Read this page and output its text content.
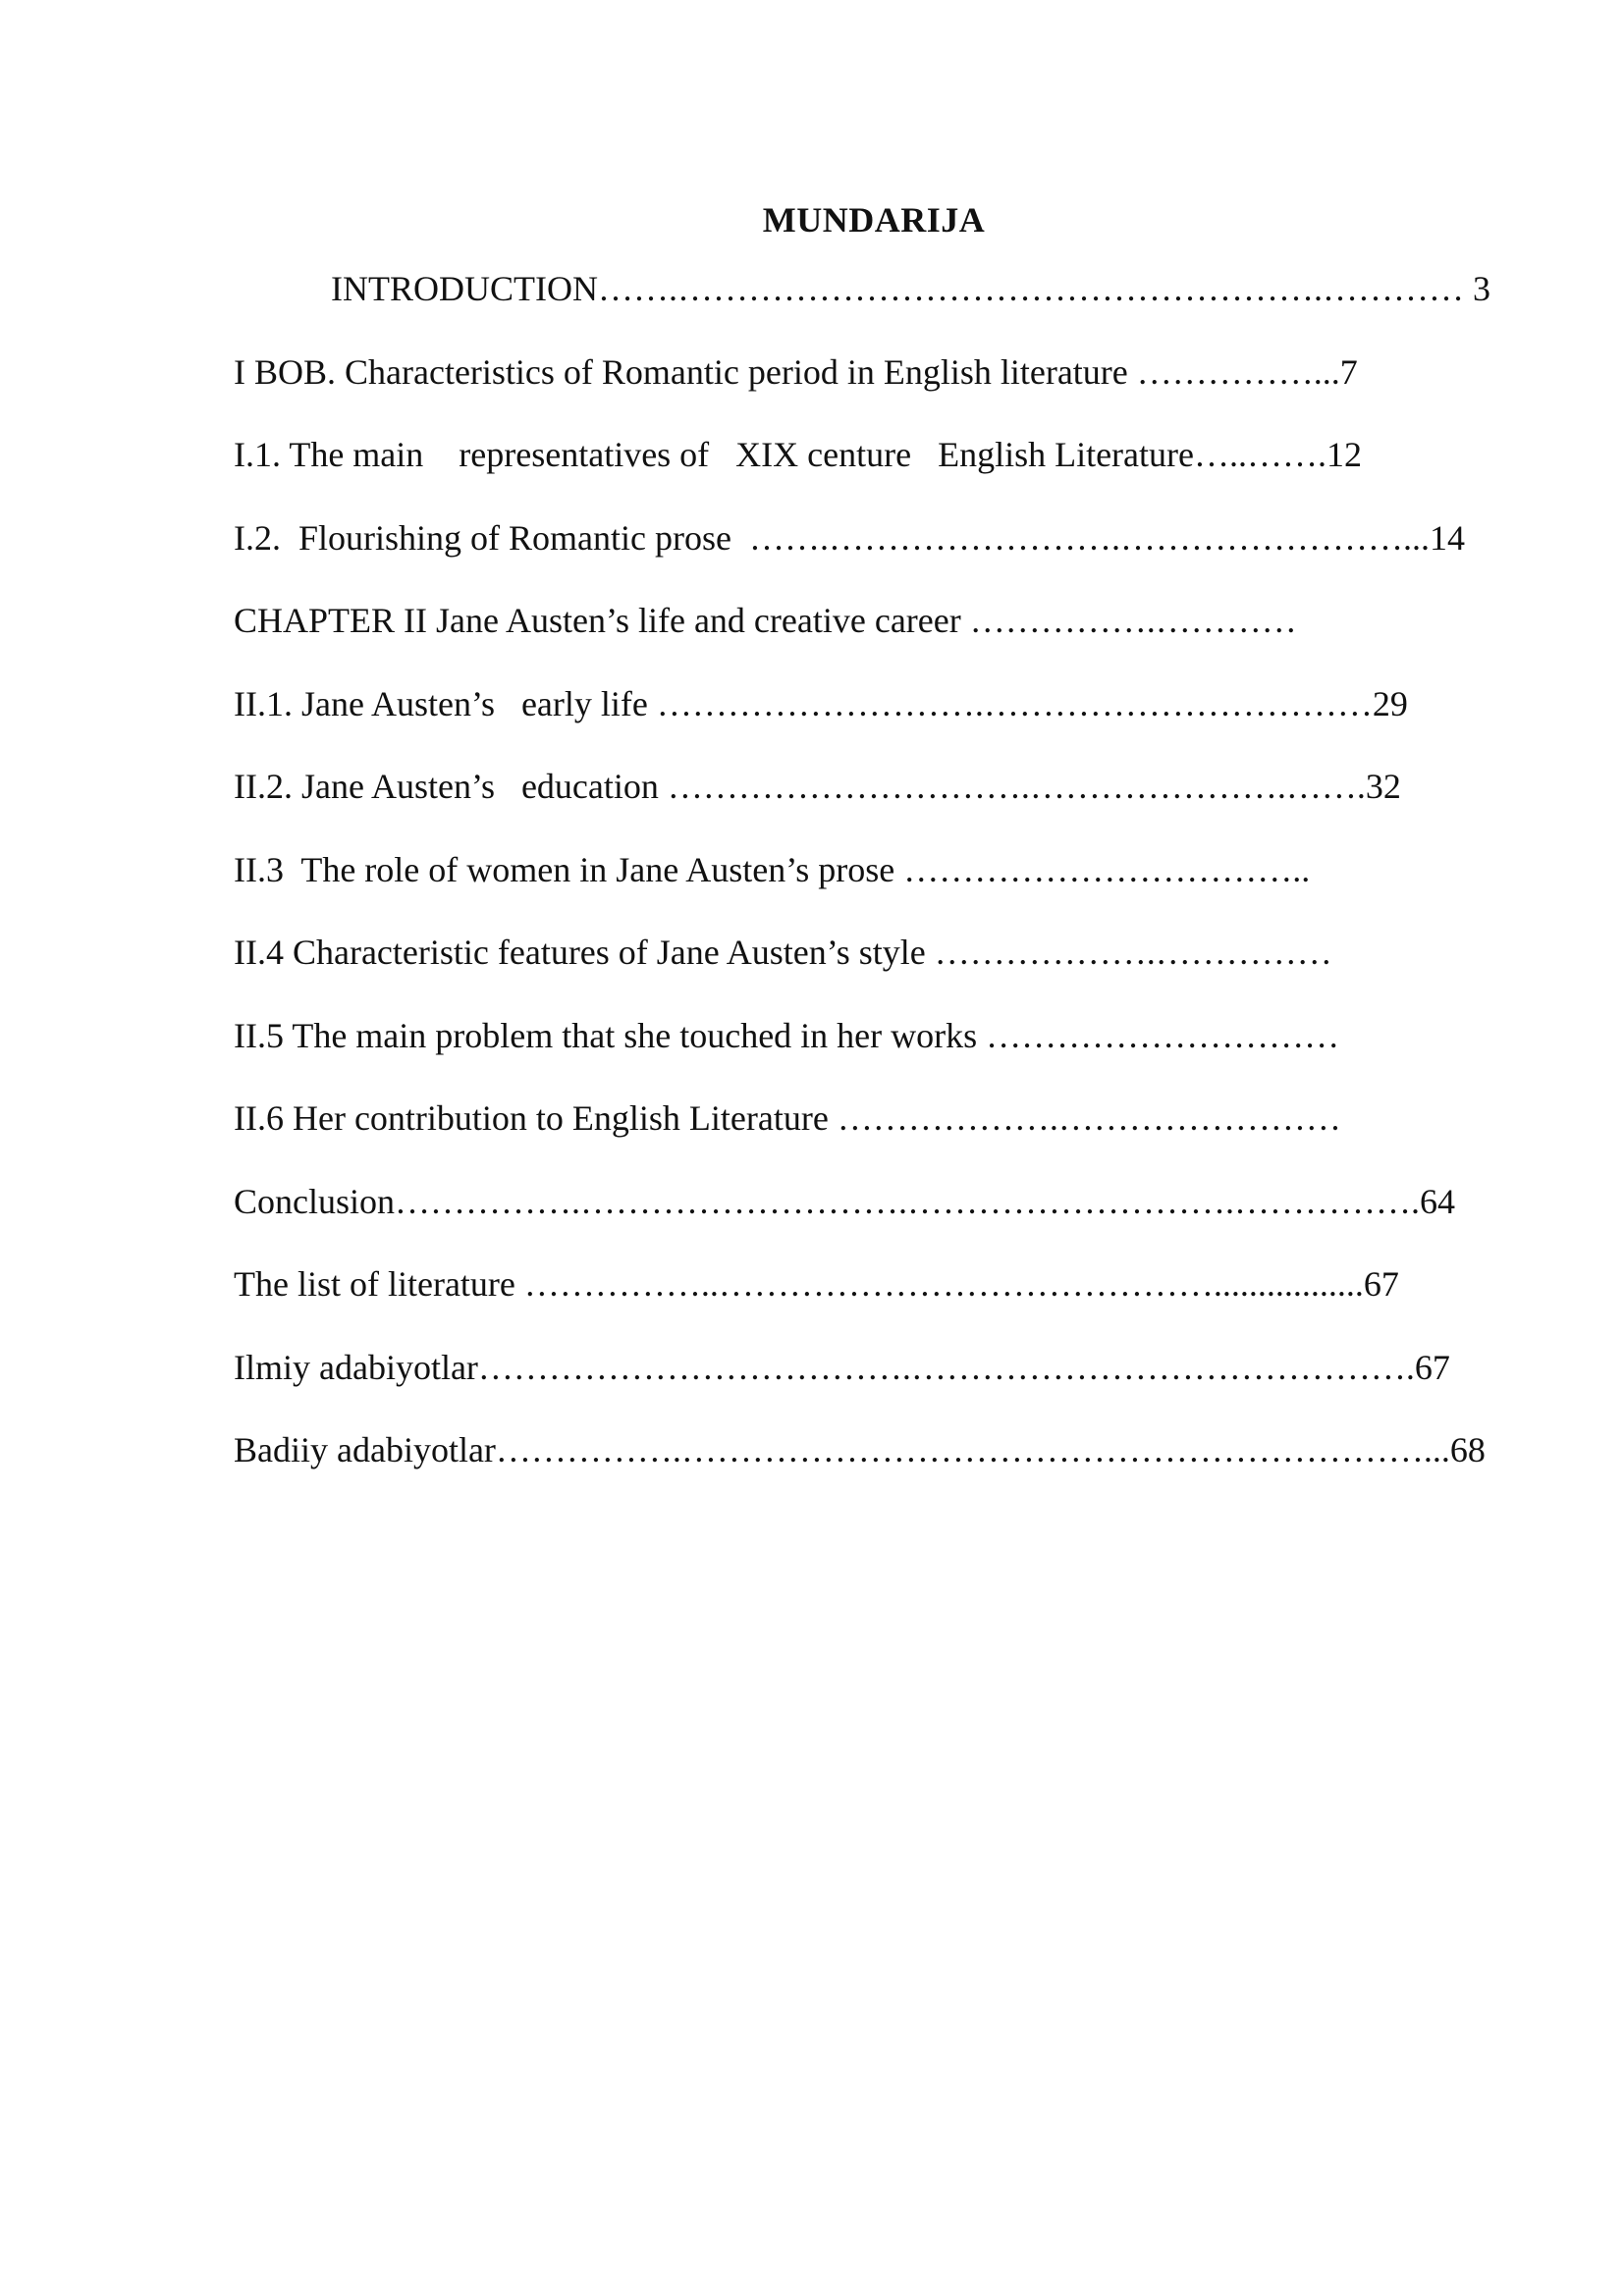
MUNDARIJA
INTRODUCTION…….……………………………………………….………… 3
I BOB. Characteristics of Romantic period in English literature ……………...7
I.1. The main    representatives of   XIX centure   English Literature…..…….12
I.2.  Flourishing of Romantic prose  …….…………………….……………………...14
CHAPTER II Jane Austen’s life and creative career …………….…………
II.1. Jane Austen’s   early life ……………………….……………………………29
II.2. Jane Austen’s   education ………………………….………………….…….32
II.3  The role of women in Jane Austen’s prose ……………………………..
II.4 Characteristic features of Jane Austen’s style ……………….……………
II.5 The main problem that she touched in her works …………………………
II.6 Her contribution to English Literature ……………….……………………
Conclusion…………….……………………….……………………….…………….64
The list of literature ……………..…………………………………….................67
Ilmiy adabiyotlar……………………………….…………………………………….67
Badiiy adabiyotlar…………….………………………………………………………...68
